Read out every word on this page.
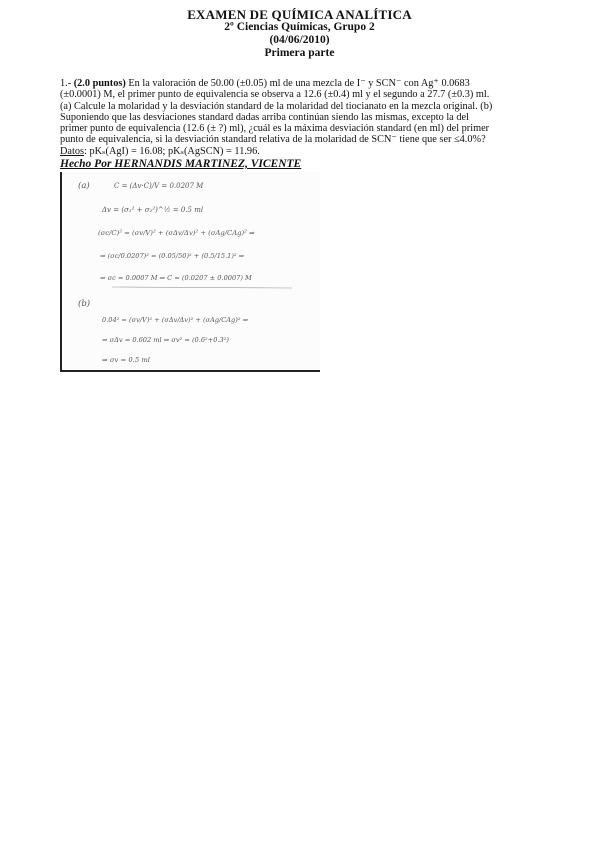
EXAMEN DE QUÍMICA ANALÍTICA
2º Ciencias Químicas, Grupo 2
(04/06/2010)
Primera parte

1.- (2.0 puntos) En la valoración de 50.00 (±0.05) ml de una mezcla de I⁻ y SCN⁻ con Ag⁺ 0.0683

(±0.0001) M, el primer punto de equivalencia se observa a 12.6 (±0.4) ml y el segundo a 27.7 (±0.3) ml.

(a) Calcule la molaridad y la desviación standard de la molaridad del tiocianato en la mezcla original. (b)

Suponiendo que las desviaciones standard dadas arriba continúan siendo las mismas, excepto la del

primer punto de equivalencia (12.6 (± ?) ml), ¿cuál es la máxima desviación standard (en ml) del primer

punto de equivalencia, si la desviación standard relativa de la molaridad de SCN⁻ tiene que ser ≤4.0%?

Datos: pKₛ(AgI) = 16.08; pKₛ(AgSCN) = 11.96.

Hecho Por HERNANDIS MARTINEZ, VICENTE
(a)	C = (Δv·C)/V = 0.0207 M
Δv = (σ₁² + σ₂²)^½ = 0.5 ml
(σc/C)² = (σv/V)² + (σΔv/Δv)² + (σAg/CAg)² ⇒
⇒ (σc/0.0207)² = (0.05/50)² + (0.5/15.1)² ⇒
⇒ σc = 0.0007 M ⇒ C = (0.0207 ± 0.0007) M
(b)
0.04² = (σv/V)² + (σΔv/Δv)² + (σAg/CAg)² ⇒
⇒ σΔv = 0.602 ml ⇒ σv² = (0.6²+0.3²)
⇒ σv = 0.5 ml
